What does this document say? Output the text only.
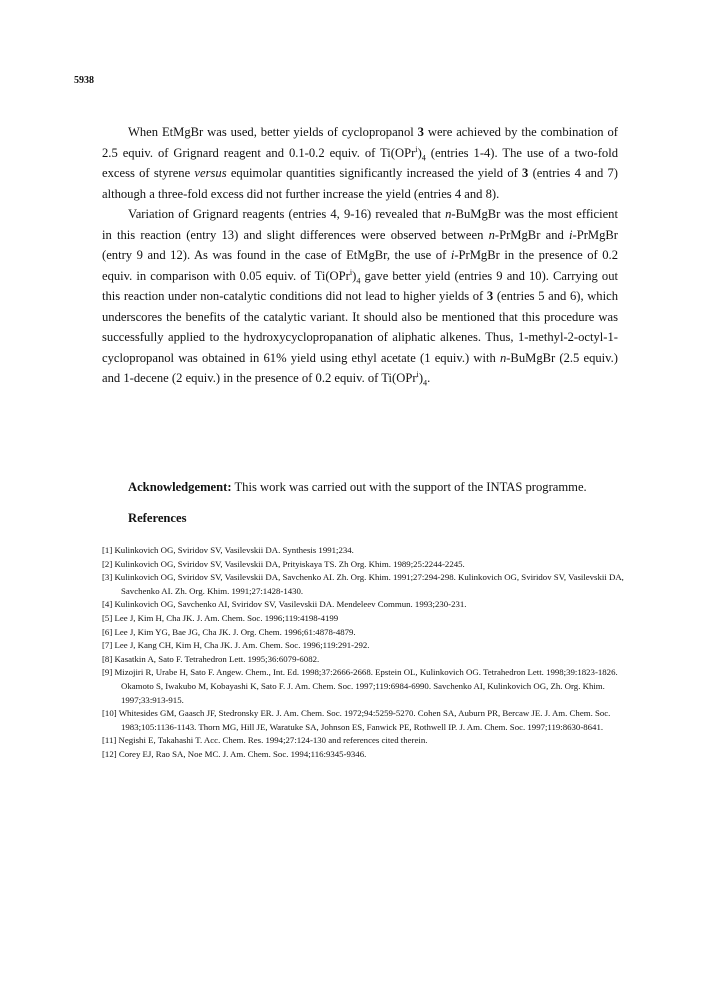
5938

When EtMgBr was used, better yields of cyclopropanol 3 were achieved by the combination of 2.5 equiv. of Grignard reagent and 0.1-0.2 equiv. of $Ti(OPr^i)_4$ (entries 1-4). The use of a two-fold excess of styrene versus equimolar quantities significantly increased the yield of 3 (entries 4 and 7) although a three-fold excess did not further increase the yield (entries 4 and 8).

Variation of Grignard reagents (entries 4, 9-16) revealed that n-BuMgBr was the most efficient in this reaction (entry 13) and slight differences were observed between n-PrMgBr and i-PrMgBr (entry 9 and 12). As was found in the case of EtMgBr, the use of i-PrMgBr in the presence of 0.2 equiv. in comparison with 0.05 equiv. of $Ti(OPr^i)_4$ gave better yield (entries 9 and 10). Carrying out this reaction under non-catalytic conditions did not lead to higher yields of 3 (entries 5 and 6), which underscores the benefits of the catalytic variant. It should also be mentioned that this procedure was successfully applied to the hydroxycyclopropanation of aliphatic alkenes. Thus, 1-methyl-2-octyl-1-cyclopropanol was obtained in 61% yield using ethyl acetate (1 equiv.) with n-BuMgBr (2.5 equiv.) and 1-decene (2 equiv.) in the presence of 0.2 equiv. of $Ti(OPr^i)_4$.

Acknowledgement: This work was carried out with the support of the INTAS programme.
References
[1] Kulinkovich OG, Sviridov SV, Vasilevskii DA. Synthesis 1991;234.
[2] Kulinkovich OG, Sviridov SV, Vasilevskii DA, Prityiskaya TS. Zh Org. Khim. 1989;25:2244-2245.
[3] Kulinkovich OG, Sviridov SV, Vasilevskii DA, Savchenko AI. Zh. Org. Khim. 1991;27:294-298. Kulinkovich OG, Sviridov SV, Vasilevskii DA, Savchenko AI. Zh. Org. Khim. 1991;27:1428-1430.
[4] Kulinkovich OG, Savchenko AI, Sviridov SV, Vasilevskii DA. Mendeleev Commun. 1993;230-231.
[5] Lee J, Kim H, Cha JK. J. Am. Chem. Soc. 1996;119:4198-4199
[6] Lee J, Kim YG, Bae JG, Cha JK. J. Org. Chem. 1996;61:4878-4879.
[7] Lee J, Kang CH, Kim H, Cha JK. J. Am. Chem. Soc. 1996;119:291-292.
[8] Kasatkin A, Sato F. Tetrahedron Lett. 1995;36:6079-6082.
[9] Mizojiri R, Urabe H, Sato F. Angew. Chem., Int. Ed. 1998;37:2666-2668. Epstein OL, Kulinkovich OG. Tetrahedron Lett. 1998;39:1823-1826. Okamoto S, Iwakubo M, Kobayashi K, Sato F. J. Am. Chem. Soc. 1997;119:6984-6990. Savchenko AI, Kulinkovich OG, Zh. Org. Khim. 1997;33:913-915.
[10] Whitesides GM, Gaasch JF, Stedronsky ER. J. Am. Chem. Soc. 1972;94:5259-5270. Cohen SA, Auburn PR, Bercaw JE. J. Am. Chem. Soc. 1983;105:1136-1143. Thorn MG, Hill JE, Waratuke SA, Johnson ES, Fanwick PE, Rothwell IP. J. Am. Chem. Soc. 1997;119:8630-8641.
[11] Negishi E, Takahashi T. Acc. Chem. Res. 1994;27:124-130 and references cited therein.
[12] Corey EJ, Rao SA, Noe MC. J. Am. Chem. Soc. 1994;116:9345-9346.
